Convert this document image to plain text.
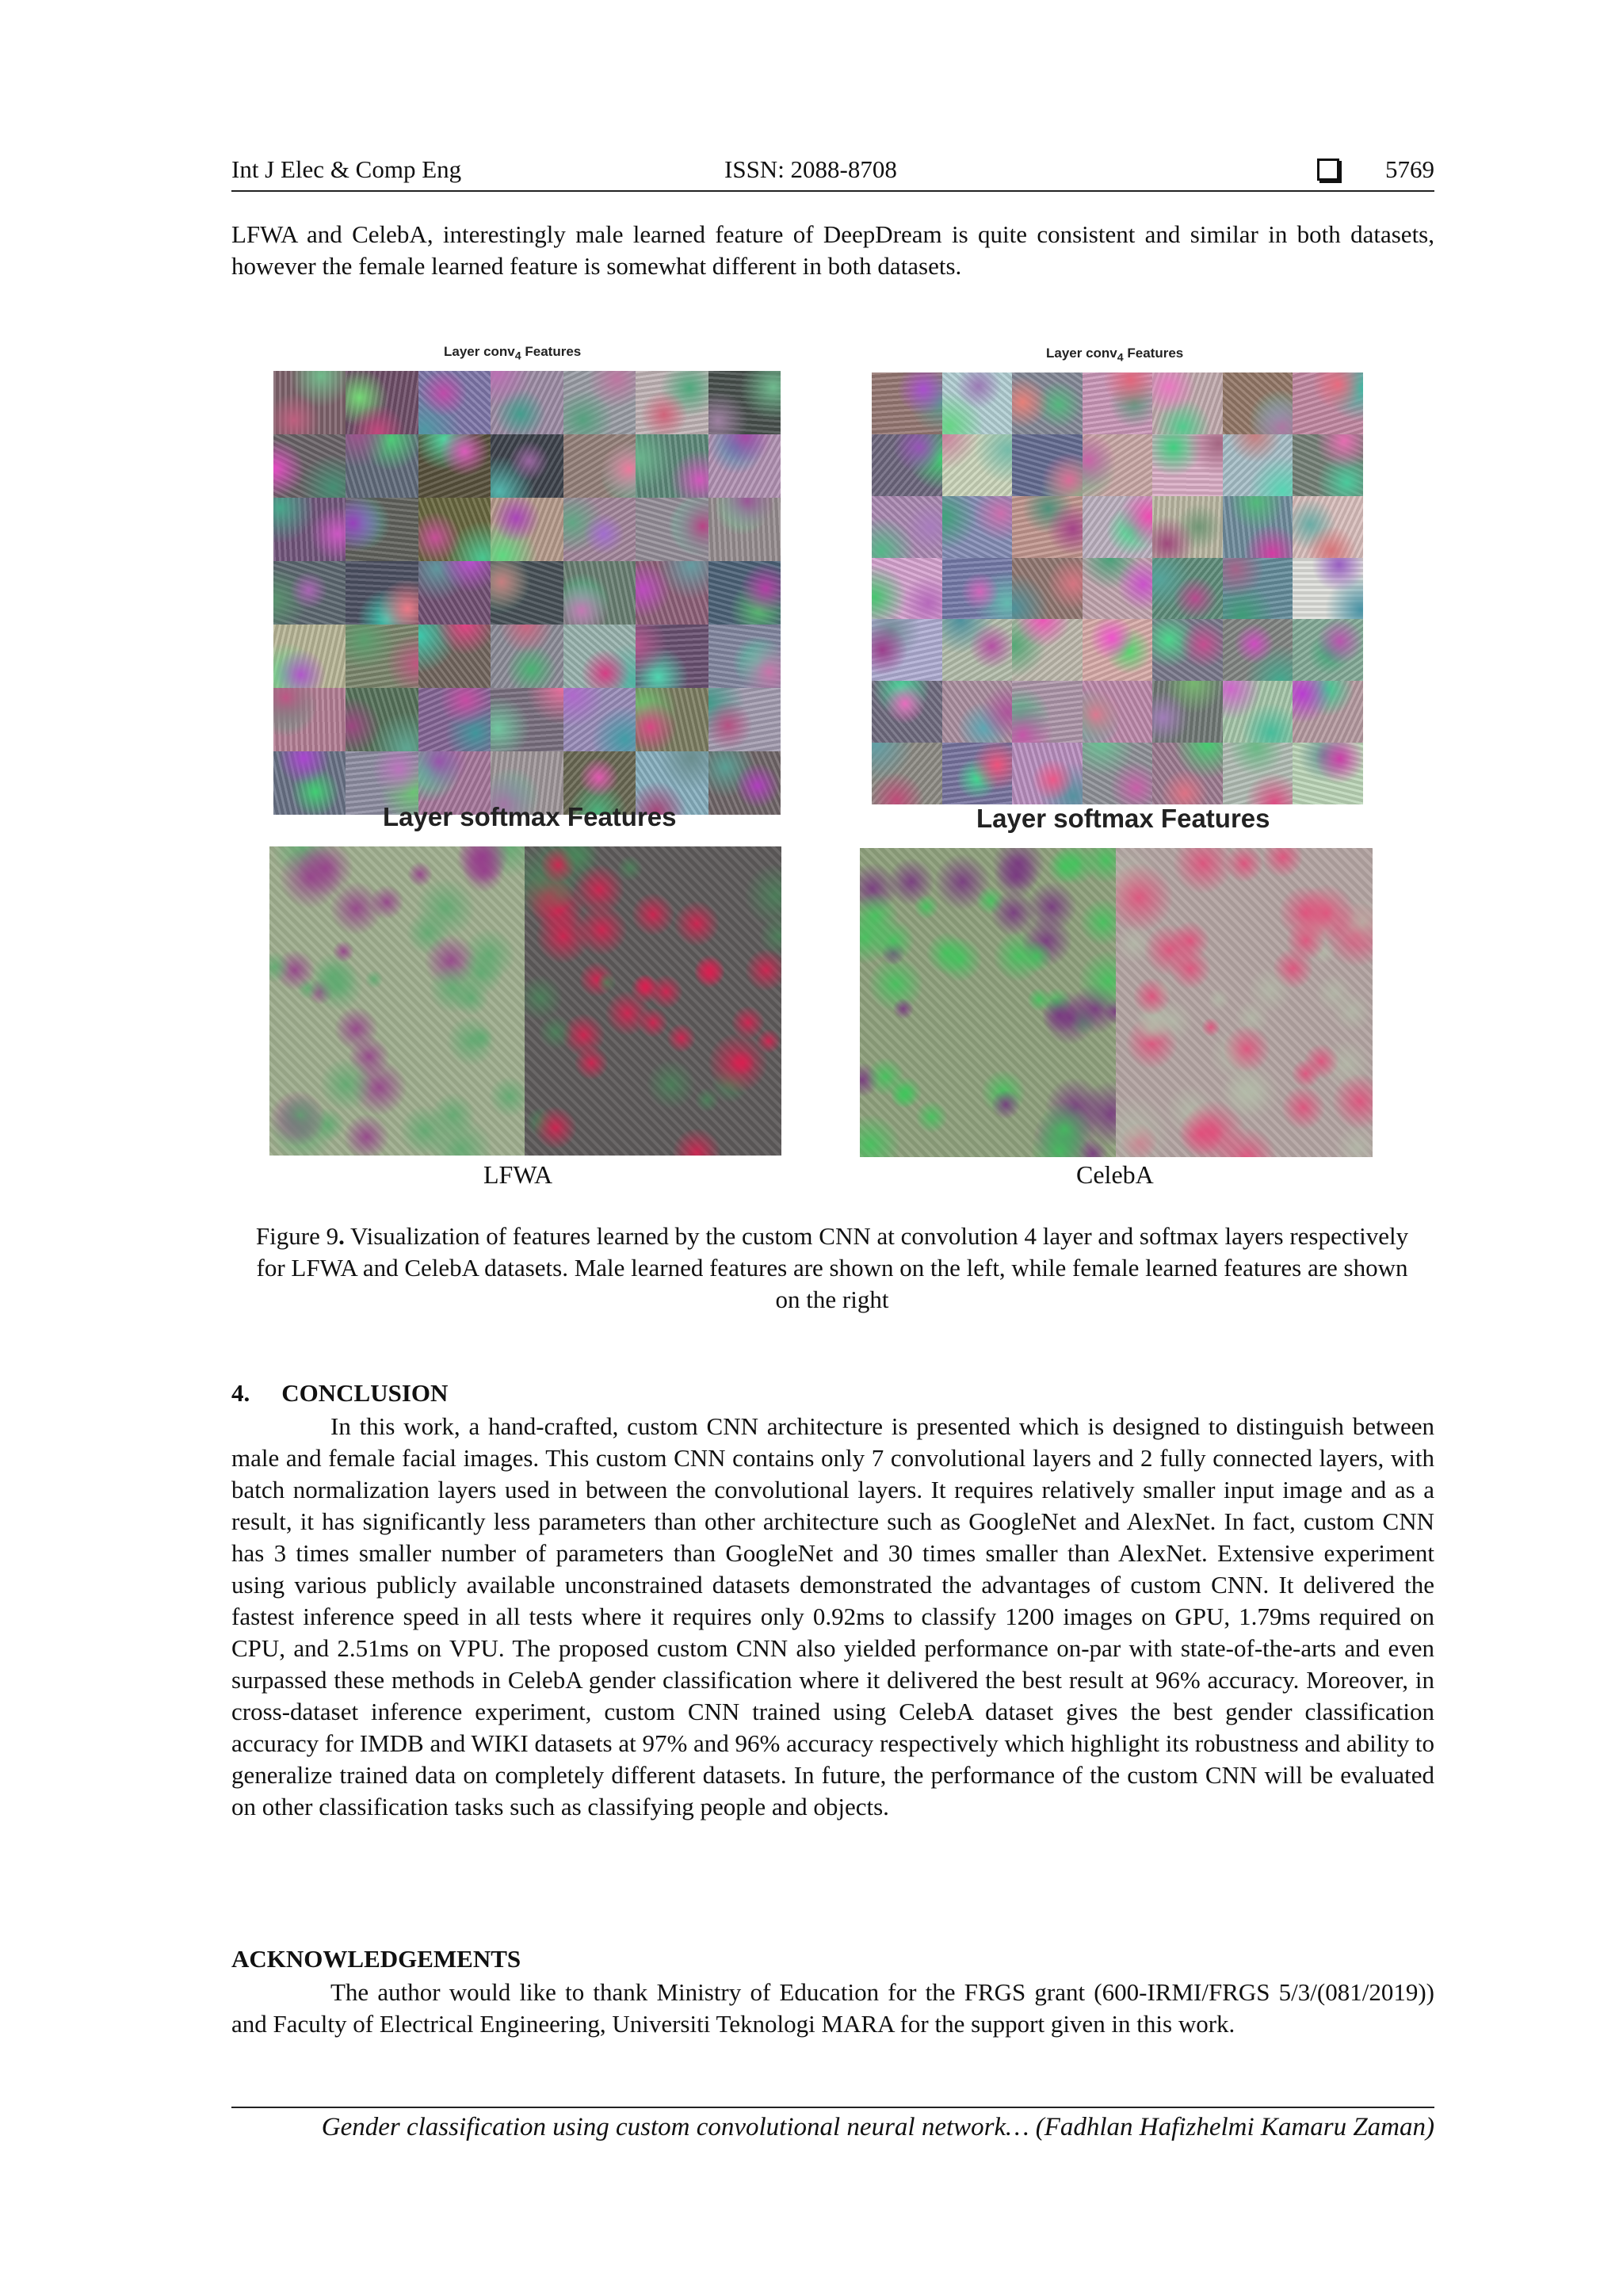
Int J Elec & Comp Eng	ISSN: 2088-8708	5769

LFWA and CelebA, interestingly male learned feature of DeepDream is quite consistent and similar in both datasets, however the female learned feature is somewhat different in both datasets.

Layer conv$_4$ Features
Layer softmax Features
LFWA
Layer conv$_4$ Features
Layer softmax Features
CelebA
Figure 9. Visualization of features learned by the custom CNN at convolution 4 layer and softmax layers respectively for LFWA and CelebA datasets. Male learned features are shown on the left, while female learned features are shown on the right
4. CONCLUSION

In this work, a hand-crafted, custom CNN architecture is presented which is designed to distinguish between male and female facial images. This custom CNN contains only 7 convolutional layers and 2 fully connected layers, with batch normalization layers used in between the convolutional layers. It requires relatively smaller input image and as a result, it has significantly less parameters than other architecture such as GoogleNet and AlexNet. In fact, custom CNN has 3 times smaller number of parameters than GoogleNet and 30 times smaller than AlexNet. Extensive experiment using various publicly available unconstrained datasets demonstrated the advantages of custom CNN. It delivered the fastest inference speed in all tests where it requires only 0.92ms to classify 1200 images on GPU, 1.79ms required on CPU, and 2.51ms on VPU. The proposed custom CNN also yielded performance on-par with state-of-the-arts and even surpassed these methods in CelebA gender classification where it delivered the best result at 96% accuracy. Moreover, in cross-dataset inference experiment, custom CNN trained using CelebA dataset gives the best gender classification accuracy for IMDB and WIKI datasets at 97% and 96% accuracy respectively which highlight its robustness and ability to generalize trained data on completely different datasets. In future, the performance of the custom CNN will be evaluated on other classification tasks such as classifying people and objects.

ACKNOWLEDGEMENTS

The author would like to thank Ministry of Education for the FRGS grant (600-IRMI/FRGS 5/3/(081/2019)) and Faculty of Electrical Engineering, Universiti Teknologi MARA for the support given in this work.

Gender classification using custom convolutional neural network… (Fadhlan Hafizhelmi Kamaru Zaman)
